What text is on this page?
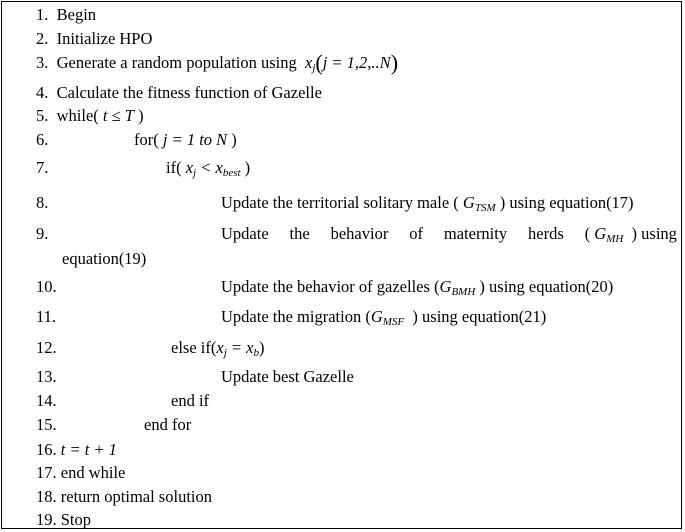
1. Begin
2. Initialize HPO
3. Generate a random population using $x_j(j = 1,2,..N)$
4. Calculate the fitness function of Gazelle
5. while( t ≤ T )
6.	for( j = 1 to N )
7.	if( $x_j < x_{best}$ )
8.	Update the territorial solitary male ( $G_{TSM}$ ) using equation(17)
9.	Update the behavior of maternity herds ( $G_{MH}$ ) using
equation(19)
10.	Update the behavior of gazelles ($G_{BMH}$ ) using equation(20)
11.	Update the migration ($G_{MSF}$ ) using equation(21)
12.	else $if(x_j = x_b)$
13.	Update best Gazelle
14.	end if
15.	end for
16. t = t + 1
17. end while
18. return optimal solution
19. Stop
